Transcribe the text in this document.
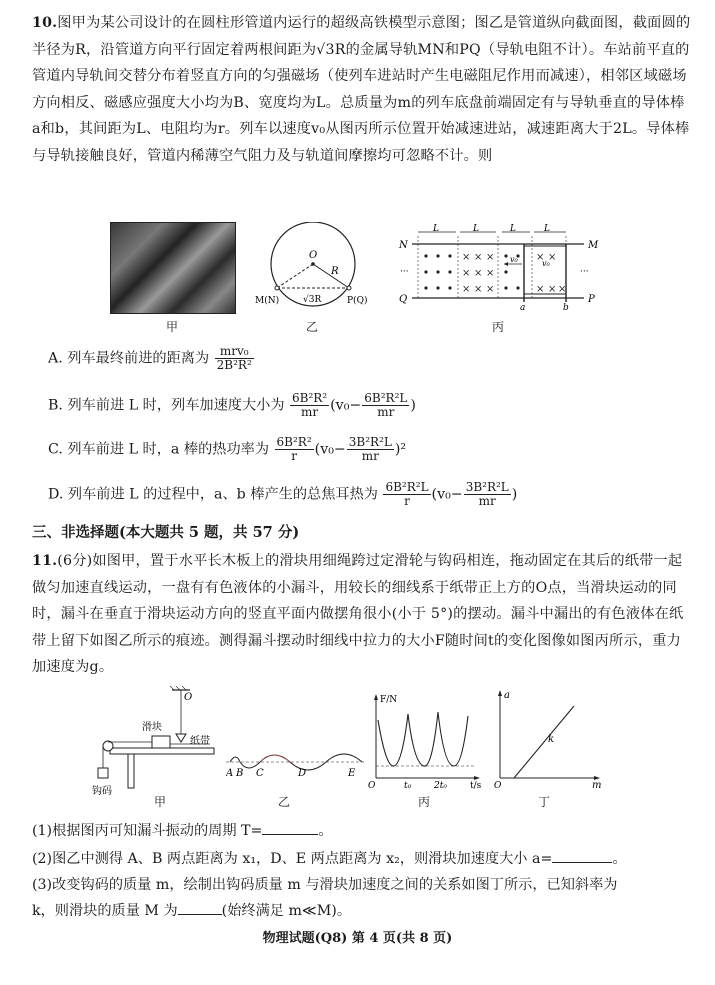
10.图甲为某公司设计的在圆柱形管道内运行的超级高铁模型示意图；图乙是管道纵向截面图，截面圆的半径为R，沿管道方向平行固定着两根间距为√3R的金属导轨MN和PQ（导轨电阻不计）。车站前平直的管道内导轨间交替分布着竖直方向的匀强磁场（使列车进站时产生电磁阻尼作用而减速），相邻区域磁场方向相反、磁感应强度大小均为B、宽度均为L。总质量为m的列车底盘前端固定有与导轨垂直的导体棒a和b，其间距为L、电阻均为r。列车以速度v₀从图丙所示位置开始减速进站，减速距离大于2L。导体棒与导轨接触良好，管道内稀薄空气阻力及与轨道间摩擦均可忽略不计。则
甲
O
R
M(N)	P(Q)
√3R
乙
L	L	L	L
N	M
Q	P
···	···
× × ×
× × ×
× × ×
× ×
× × ×
a	b
v₀	v₀
丙
A. 列车最终前进的距离为 $\frac{\text{mrv₀}}{\text{2B²R²}}$
B. 列车前进 L 时，列车加速度大小为 $\frac{\text{6B²R²}}{mr} (v_0- \frac{\text{6B²R²L}}{mr}$ )
C. 列车前进 L 时，a 棒的热功率为 $\frac{\text{6B²R²}}{r} (v_0- \frac{\text{3B²R²L}}{mr} )^2$
D. 列车前进 L 的过程中，a、b 棒产生的总焦耳热为 $\frac{\text{6B²R²L}}{r} (v_0- \frac{\text{3B²R²L}}{mr}$ )
三、非选择题(本大题共 5 题，共 57 分)
11.(6分)如图甲，置于水平长木板上的滑块用细绳跨过定滑轮与钩码相连，拖动固定在其后的纸带一起做匀加速直线运动，一盘有有色液体的小漏斗，用较长的细线系于纸带正上方的O点，当滑块运动的同时，漏斗在垂直于滑块运动方向的竖直平面内做摆角很小(小于 5°)的摆动。漏斗中漏出的有色液体在纸带上留下如图乙所示的痕迹。测得漏斗摆动时细线中拉力的大小F随时间t的变化图像如图丙所示，重力加速度为g。
O
滑块
纸带
钩码
甲
A B C	D	E
乙
F/N
t/s
O	t₀	2t₀
丙
a
m
O
k
丁
(1)根据图丙可知漏斗振动的周期 T=	。
(2)图乙中测得 A、B 两点距离为 x₁，D、E 两点距离为 x₂，则滑块加速度大小 a=	。
(3)改变钩码的质量 m，绘制出钩码质量 m 与滑块加速度之间的关系如图丁所示，已知斜率为
k，则滑块的质量 M 为	(始终满足 m≪M)。
物理试题(Q8) 第 4 页(共 8 页)
